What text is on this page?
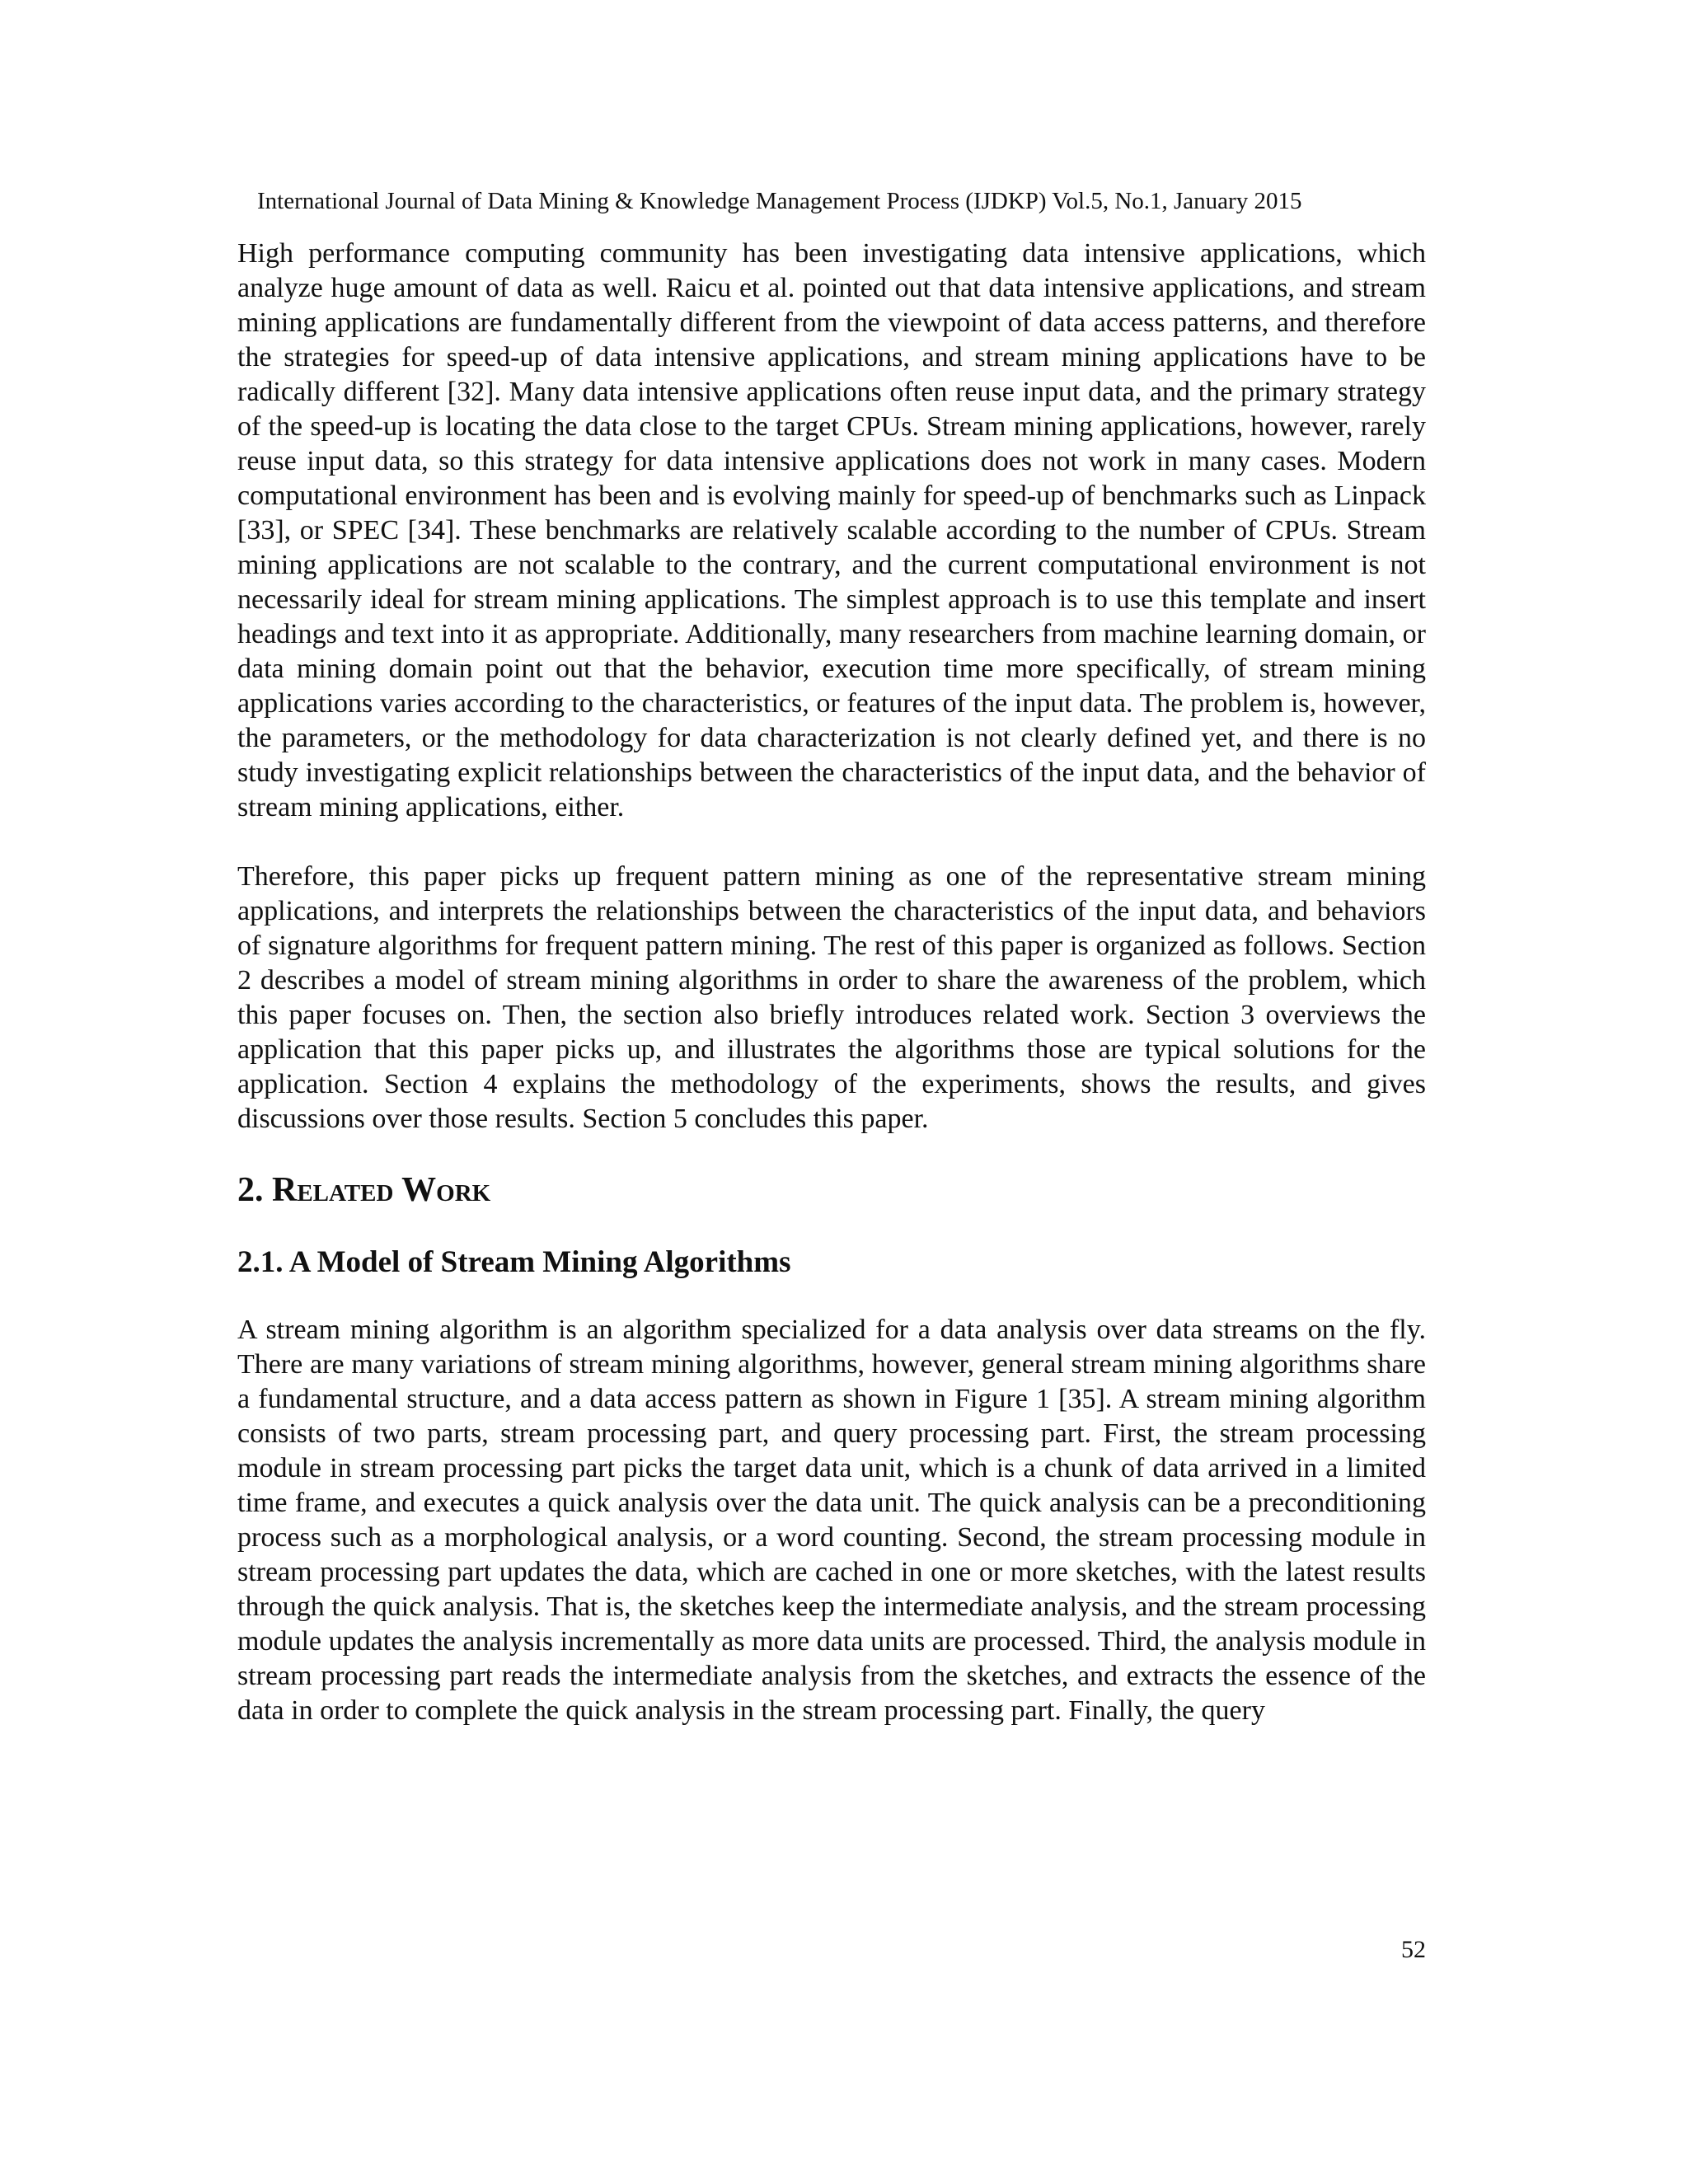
International Journal of Data Mining & Knowledge Management Process (IJDKP) Vol.5, No.1, January 2015

High performance computing community has been investigating data intensive applications, which analyze huge amount of data as well. Raicu et al. pointed out that data intensive applications, and stream mining applications are fundamentally different from the viewpoint of data access patterns, and therefore the strategies for speed-up of data intensive applications, and stream mining applications have to be radically different [32]. Many data intensive applications often reuse input data, and the primary strategy of the speed-up is locating the data close to the target CPUs. Stream mining applications, however, rarely reuse input data, so this strategy for data intensive applications does not work in many cases. Modern computational environment has been and is evolving mainly for speed-up of benchmarks such as Linpack [33], or SPEC [34]. These benchmarks are relatively scalable according to the number of CPUs. Stream mining applications are not scalable to the contrary, and the current computational environment is not necessarily ideal for stream mining applications. The simplest approach is to use this template and insert headings and text into it as appropriate. Additionally, many researchers from machine learning domain, or data mining domain point out that the behavior, execution time more specifically, of stream mining applications varies according to the characteristics, or features of the input data. The problem is, however, the parameters, or the methodology for data characterization is not clearly defined yet, and there is no study investigating explicit relationships between the characteristics of the input data, and the behavior of stream mining applications, either.

Therefore, this paper picks up frequent pattern mining as one of the representative stream mining applications, and interprets the relationships between the characteristics of the input data, and behaviors of signature algorithms for frequent pattern mining. The rest of this paper is organized as follows. Section 2 describes a model of stream mining algorithms in order to share the awareness of the problem, which this paper focuses on. Then, the section also briefly introduces related work. Section 3 overviews the application that this paper picks up, and illustrates the algorithms those are typical solutions for the application. Section 4 explains the methodology of the experiments, shows the results, and gives discussions over those results. Section 5 concludes this paper.

2. Related Work
2.1. A Model of Stream Mining Algorithms

A stream mining algorithm is an algorithm specialized for a data analysis over data streams on the fly. There are many variations of stream mining algorithms, however, general stream mining algorithms share a fundamental structure, and a data access pattern as shown in Figure 1 [35]. A stream mining algorithm consists of two parts, stream processing part, and query processing part. First, the stream processing module in stream processing part picks the target data unit, which is a chunk of data arrived in a limited time frame, and executes a quick analysis over the data unit. The quick analysis can be a preconditioning process such as a morphological analysis, or a word counting. Second, the stream processing module in stream processing part updates the data, which are cached in one or more sketches, with the latest results through the quick analysis. That is, the sketches keep the intermediate analysis, and the stream processing module updates the analysis incrementally as more data units are processed. Third, the analysis module in stream processing part reads the intermediate analysis from the sketches, and extracts the essence of the data in order to complete the quick analysis in the stream processing part. Finally, the query

52
